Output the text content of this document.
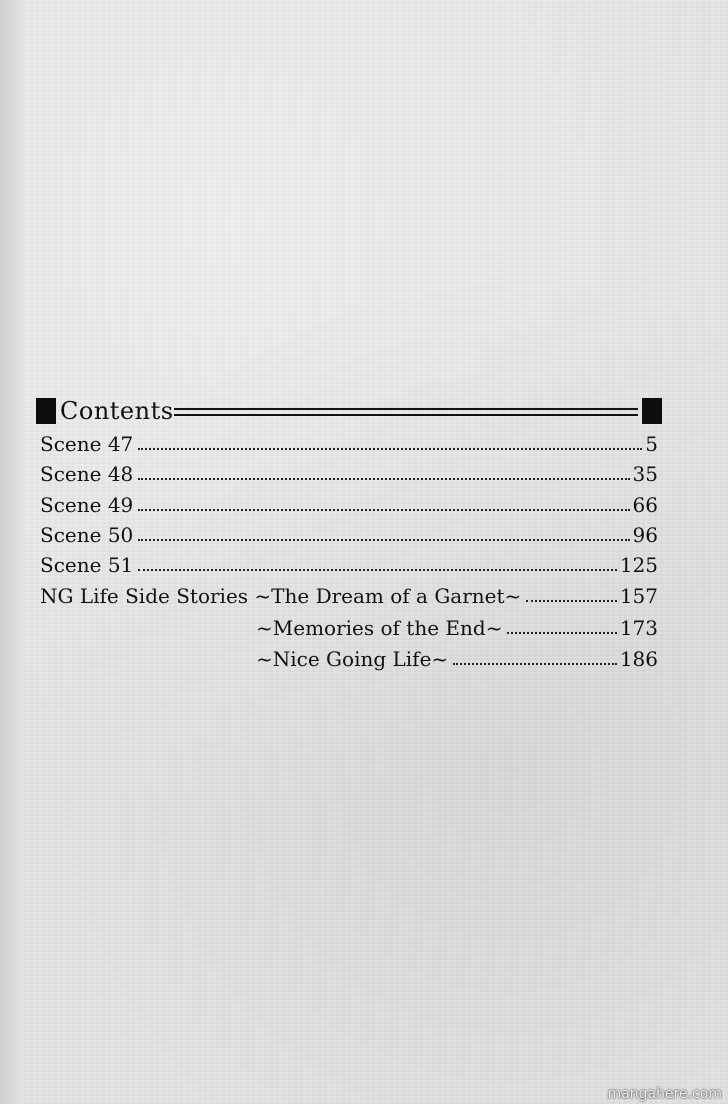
Contents
Scene 47	5
Scene 48	35
Scene 49	66
Scene 50	96
Scene 51	125
NG Life Side Stories ~The Dream of a Garnet~	157
~Memories of the End~	173
~Nice Going Life~	186
mangahere.com
